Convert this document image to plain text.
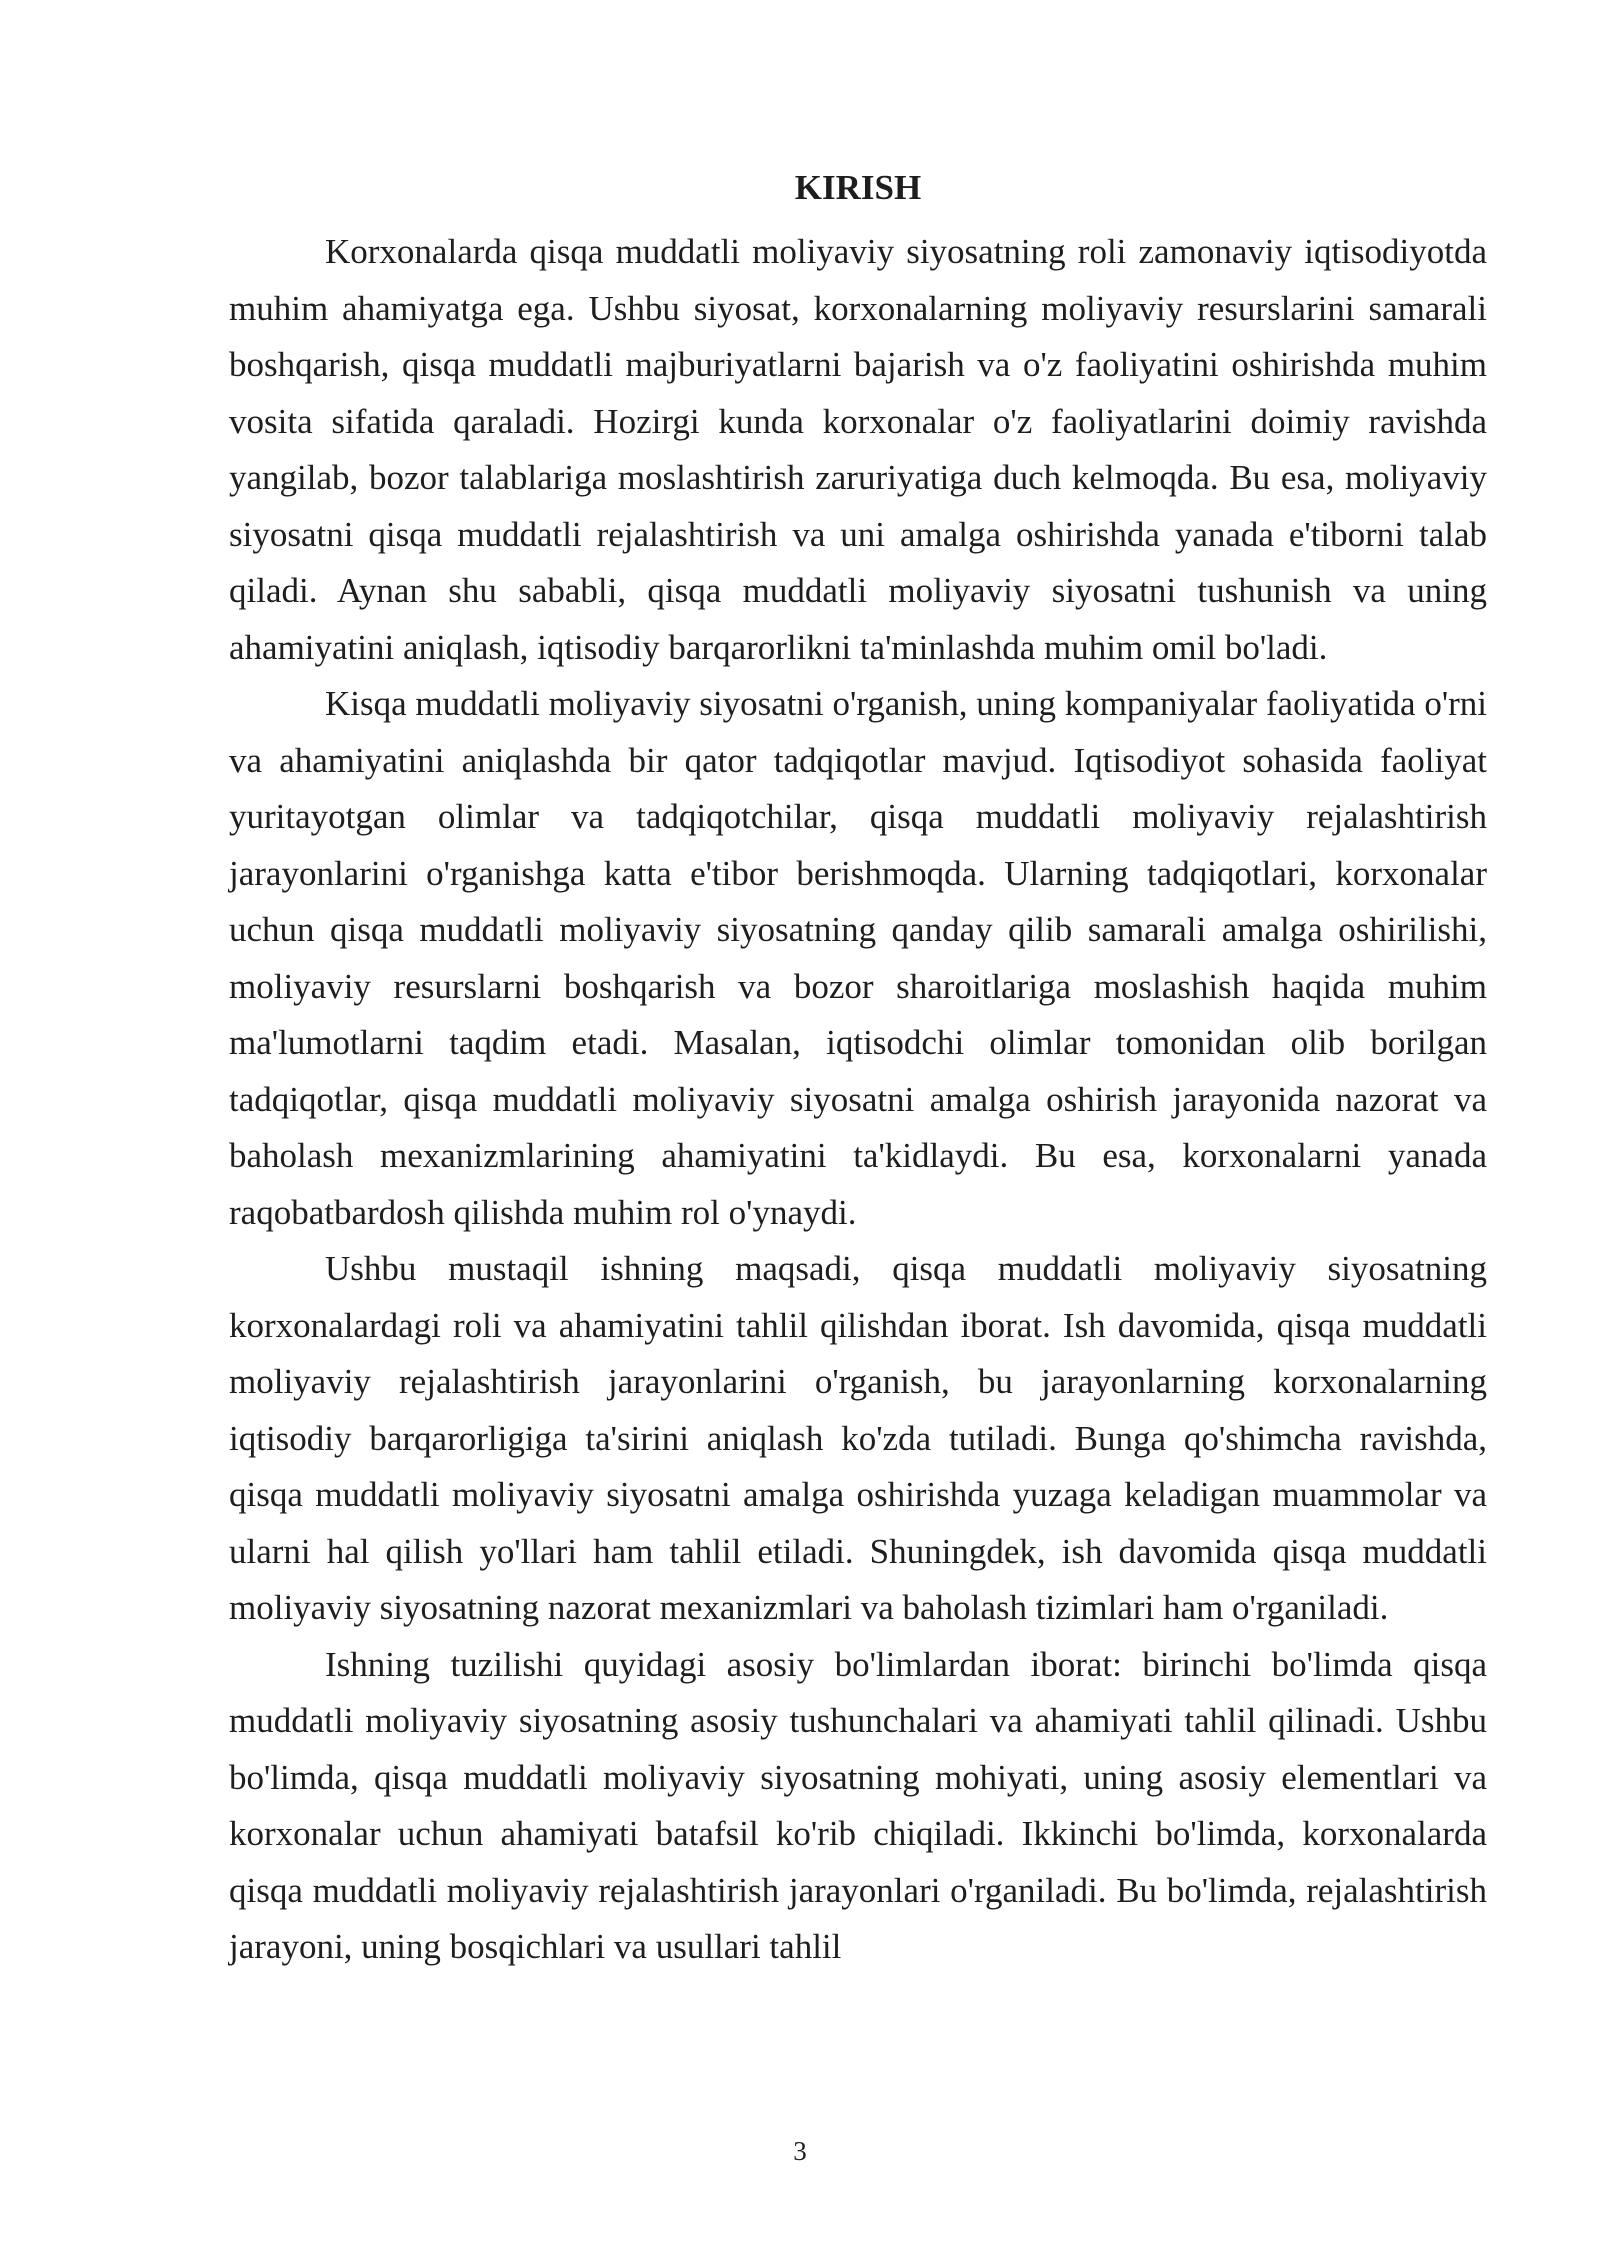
KIRISH

Korxonalarda qisqa muddatli moliyaviy siyosatning roli zamonaviy iqtisodiyotda muhim ahamiyatga ega. Ushbu siyosat, korxonalarning moliyaviy resurslarini samarali boshqarish, qisqa muddatli majburiyatlarni bajarish va o'z faoliyatini oshirishda muhim vosita sifatida qaraladi. Hozirgi kunda korxonalar o'z faoliyatlarini doimiy ravishda yangilab, bozor talablariga moslashtirish zaruriyatiga duch kelmoqda. Bu esa, moliyaviy siyosatni qisqa muddatli rejalashtirish va uni amalga oshirishda yanada e'tiborni talab qiladi. Aynan shu sababli, qisqa muddatli moliyaviy siyosatni tushunish va uning ahamiyatini aniqlash, iqtisodiy barqarorlikni ta'minlashda muhim omil bo'ladi.

Kisqa muddatli moliyaviy siyosatni o'rganish, uning kompaniyalar faoliyatida o'rni va ahamiyatini aniqlashda bir qator tadqiqotlar mavjud. Iqtisodiyot sohasida faoliyat yuritayotgan olimlar va tadqiqotchilar, qisqa muddatli moliyaviy rejalashtirish jarayonlarini o'rganishga katta e'tibor berishmoqda. Ularning tadqiqotlari, korxonalar uchun qisqa muddatli moliyaviy siyosatning qanday qilib samarali amalga oshirilishi, moliyaviy resurslarni boshqarish va bozor sharoitlariga moslashish haqida muhim ma'lumotlarni taqdim etadi. Masalan, iqtisodchi olimlar tomonidan olib borilgan tadqiqotlar, qisqa muddatli moliyaviy siyosatni amalga oshirish jarayonida nazorat va baholash mexanizmlarining ahamiyatini ta'kidlaydi. Bu esa, korxonalarni yanada raqobatbardosh qilishda muhim rol o'ynaydi.

Ushbu mustaqil ishning maqsadi, qisqa muddatli moliyaviy siyosatning korxonalardagi roli va ahamiyatini tahlil qilishdan iborat. Ish davomida, qisqa muddatli moliyaviy rejalashtirish jarayonlarini o'rganish, bu jarayonlarning korxonalarning iqtisodiy barqarorligiga ta'sirini aniqlash ko'zda tutiladi. Bunga qo'shimcha ravishda, qisqa muddatli moliyaviy siyosatni amalga oshirishda yuzaga keladigan muammolar va ularni hal qilish yo'llari ham tahlil etiladi. Shuningdek, ish davomida qisqa muddatli moliyaviy siyosatning nazorat mexanizmlari va baholash tizimlari ham o'rganiladi.

Ishning tuzilishi quyidagi asosiy bo'limlardan iborat: birinchi bo'limda qisqa muddatli moliyaviy siyosatning asosiy tushunchalari va ahamiyati tahlil qilinadi. Ushbu bo'limda, qisqa muddatli moliyaviy siyosatning mohiyati, uning asosiy elementlari va korxonalar uchun ahamiyati batafsil ko'rib chiqiladi. Ikkinchi bo'limda, korxonalarda qisqa muddatli moliyaviy rejalashtirish jarayonlari o'rganiladi. Bu bo'limda, rejalashtirish jarayoni, uning bosqichlari va usullari tahlil

3
